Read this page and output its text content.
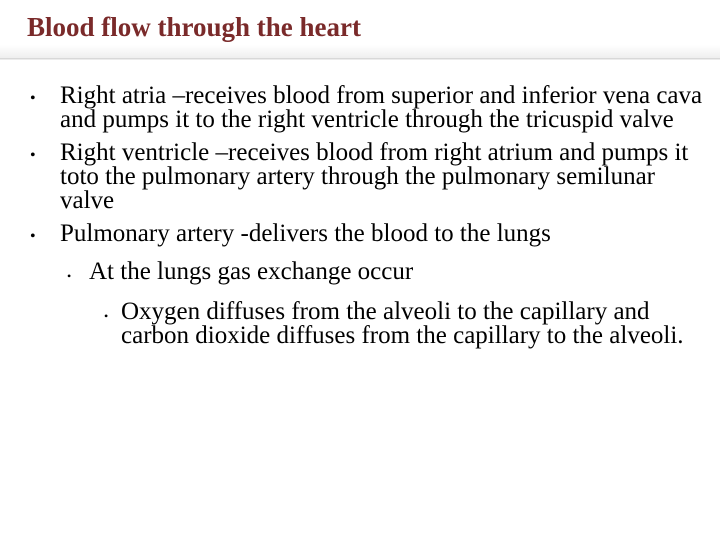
Blood flow through the heart
• Right atria –receives blood from superior and inferior vena cava and pumps it to the right ventricle through the tricuspid valve
• Right ventricle –receives blood from right atrium and pumps it toto the pulmonary artery through the pulmonary semilunar valve
• Pulmonary artery -delivers the blood to the lungs
• At the lungs gas exchange occur
• Oxygen diffuses from the alveoli to the capillary and carbon dioxide diffuses from the capillary to the alveoli.
